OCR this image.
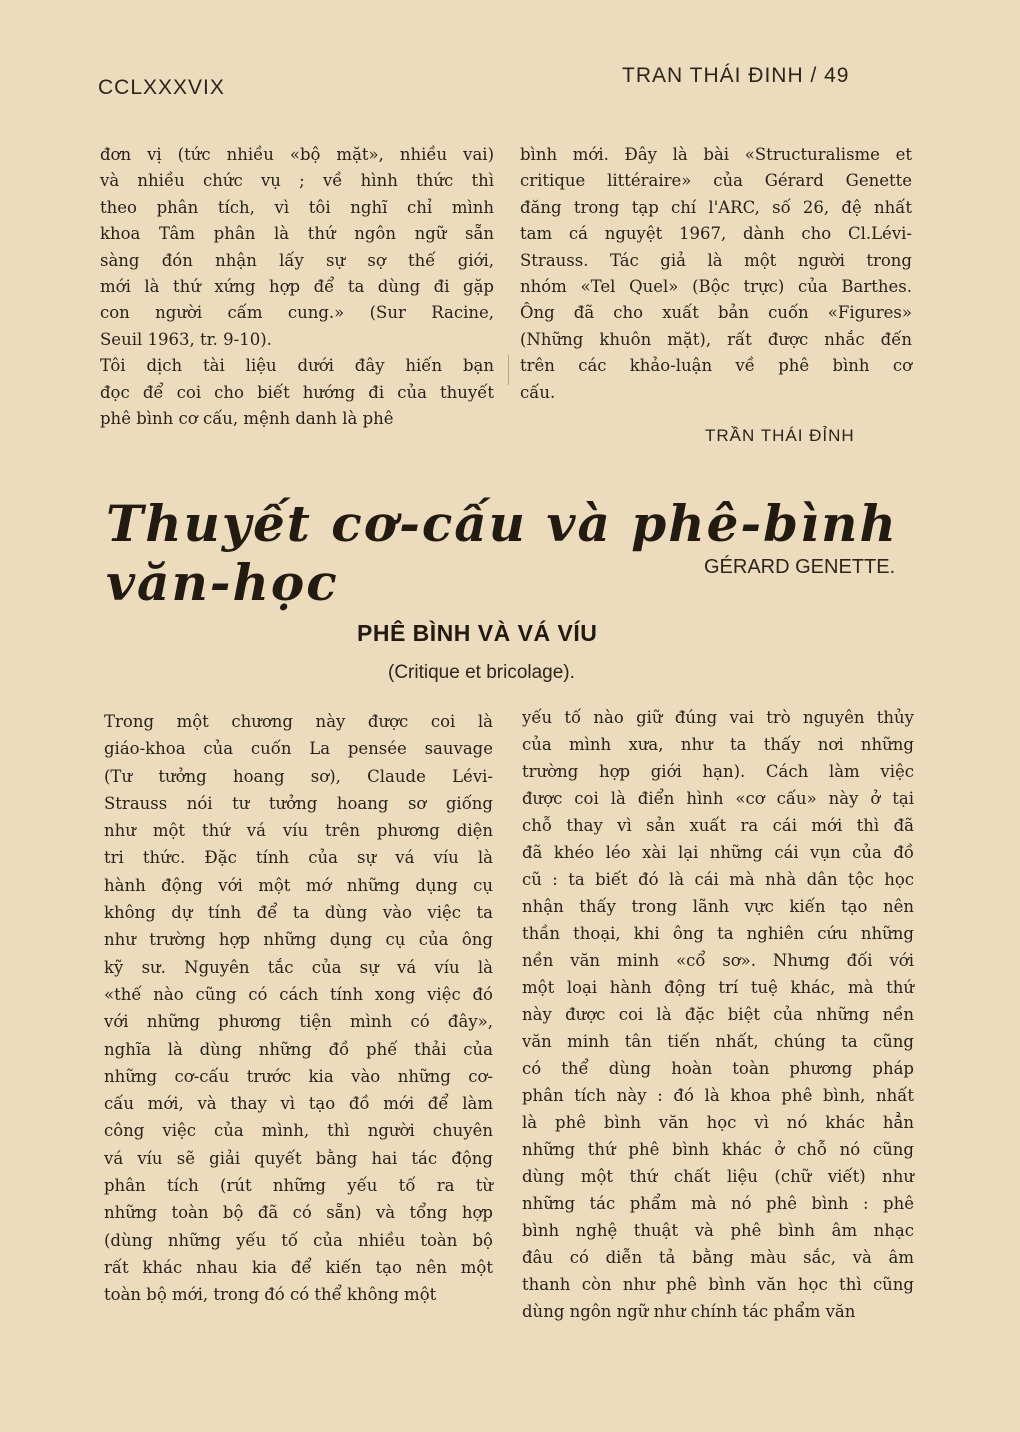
CCLXXXVIX
TRAN THÁI ĐINH / 49
đơn vị (tức nhiều «bộ mặt», nhiều vai)
và nhiều chức vụ ; về hình thức thì
theo phân tích, vì tôi nghĩ chỉ mình
khoa Tâm phân là thứ ngôn ngữ sẵn
sàng đón nhận lấy sự sợ thế giới,
mới là thứ xứng hợp để ta dùng đi gặp
con người cấm cung.» (Sur Racine,
Seuil 1963, tr. 9-10).
Tôi dịch tài liệu dưới đây hiến bạn
đọc để coi cho biết hướng đi của thuyết
phê bình cơ cấu, mệnh danh là phê
bình mới. Đây là bài «Structuralisme et
critique littéraire» của Gérard Genette
đăng trong tạp chí l'ARC, số 26, đệ nhất
tam cá nguyệt 1967, dành cho Cl.Lévi-
Strauss. Tác giả là một người trong
nhóm «Tel Quel» (Bộc trực) của Barthes.
Ông đã cho xuất bản cuốn «Figures»
(Những khuôn mặt), rất được nhắc đến
trên các khảo-luận về phê bình cơ
cấu.
TRẦN THÁI ĐỈNH
Thuyết cơ-cấu và phê-bình văn-học	GÉRARD GENETTE.
PHÊ BÌNH VÀ VÁ VÍU
(Critique et bricolage).
Trong một chương này được coi là
giáo-khoa của cuốn La pensée sauvage
(Tư tưởng hoang sơ), Claude Lévi-
Strauss nói tư tưởng hoang sơ giống
như một thứ vá víu trên phương diện
tri thức. Đặc tính của sự vá víu là
hành động với một mớ những dụng cụ
không dự tính để ta dùng vào việc ta
như trường hợp những dụng cụ của ông
kỹ sư. Nguyên tắc của sự vá víu là
«thế nào cũng có cách tính xong việc đó
với những phương tiện mình có đây»,
nghĩa là dùng những đồ phế thải của
những cơ-cấu trước kia vào những cơ-
cấu mới, và thay vì tạo đồ mới để làm
công việc của mình, thì người chuyên
vá víu sẽ giải quyết bằng hai tác động
phân tích (rút những yếu tố ra từ
những toàn bộ đã có sẵn) và tổng hợp
(dùng những yếu tố của nhiều toàn bộ
rất khác nhau kia để kiến tạo nên một
toàn bộ mới, trong đó có thể không một
yếu tố nào giữ đúng vai trò nguyên thủy
của mình xưa, như ta thấy nơi những
trường hợp giới hạn). Cách làm việc
được coi là điển hình «cơ cấu» này ở tại
chỗ thay vì sản xuất ra cái mới thì đã
đã khéo léo xài lại những cái vụn của đồ
cũ : ta biết đó là cái mà nhà dân tộc học
nhận thấy trong lãnh vực kiến tạo nên
thần thoại, khi ông ta nghiên cứu những
nền văn minh «cổ sơ». Nhưng đối với
một loại hành động trí tuệ khác, mà thứ
này được coi là đặc biệt của những nền
văn minh tân tiến nhất, chúng ta cũng
có thể dùng hoàn toàn phương pháp
phân tích này : đó là khoa phê bình, nhất
là phê bình văn học vì nó khác hẳn
những thứ phê bình khác ở chỗ nó cũng
dùng một thứ chất liệu (chữ viết) như
những tác phẩm mà nó phê bình : phê
bình nghệ thuật và phê bình âm nhạc
đâu có diễn tả bằng màu sắc, và âm
thanh còn như phê bình văn học thì cũng
dùng ngôn ngữ như chính tác phẩm văn
